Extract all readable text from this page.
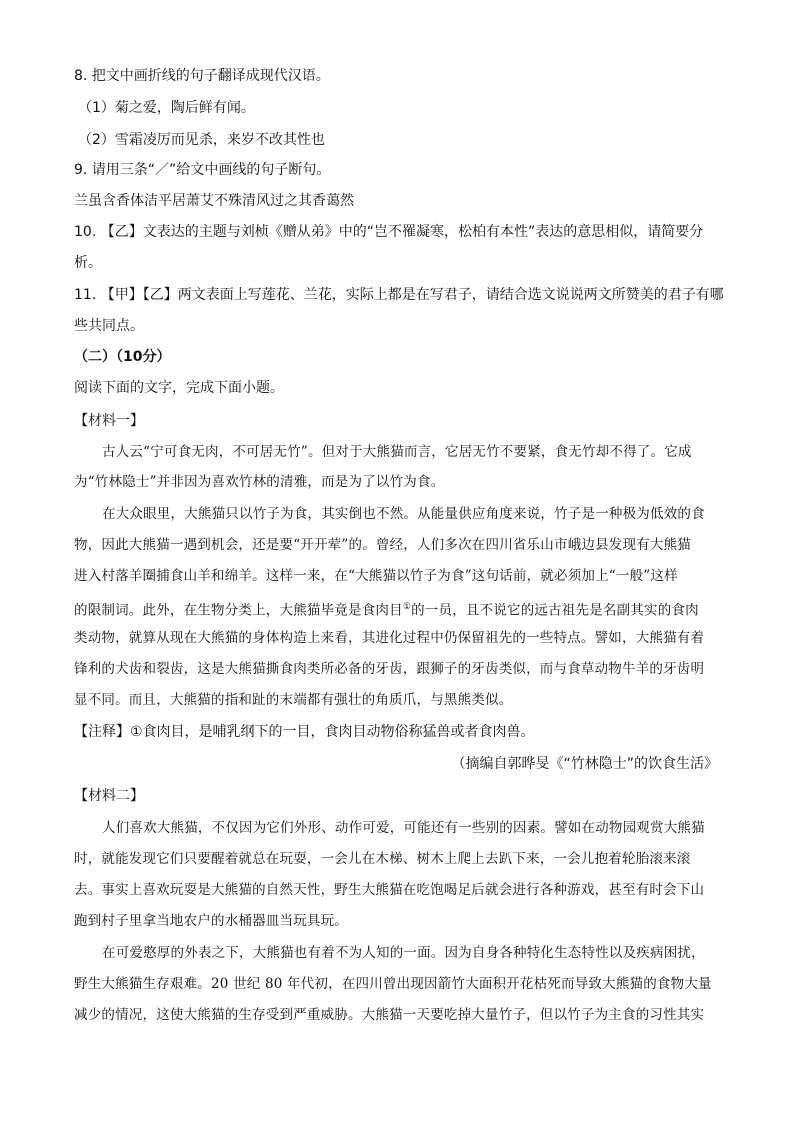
8. 把文中画折线的句子翻译成现代汉语。
（1）菊之爱，陶后鲜有闻。
（2）雪霜凌厉而见杀，来岁不改其性也
9. 请用三条“／”给文中画线的句子断句。
兰虽含香体洁平居萧艾不殊清风过之其香蔼然
10. 【乙】文表达的主题与刘桢《赠从弟》中的“岂不罹凝寒，松柏有本性”表达的意思相似，请简要分
析。
11. 【甲】【乙】两文表面上写莲花、兰花，实际上都是在写君子，请结合选文说说两文所赞美的君子有哪
些共同点。
（二）（10分）
阅读下面的文字，完成下面小题。
【材料一】
古人云“宁可食无肉，不可居无竹”。但对于大熊猫而言，它居无竹不要紧，食无竹却不得了。它成
为“竹林隐士”并非因为喜欢竹林的清雅，而是为了以竹为食。
在大众眼里，大熊猫只以竹子为食，其实倒也不然。从能量供应角度来说，竹子是一种极为低效的食
物，因此大熊猫一遇到机会，还是要“开开荤”的。曾经，人们多次在四川省乐山市峨边县发现有大熊猫
进入村落羊圈捕食山羊和绵羊。这样一来，在“大熊猫以竹子为食”这句话前，就必须加上“一般”这样
的限制词。此外，在生物分类上，大熊猫毕竟是食肉目①的一员，且不说它的远古祖先是名副其实的食肉
类动物，就算从现在大熊猫的身体构造上来看，其进化过程中仍保留祖先的一些特点。譬如，大熊猫有着
锋利的犬齿和裂齿，这是大熊猫撕食肉类所必备的牙齿，跟狮子的牙齿类似，而与食草动物牛羊的牙齿明
显不同。而且，大熊猫的指和趾的末端都有强壮的角质爪，与黑熊类似。
【注释】①食肉目，是哺乳纲下的一目，食肉目动物俗称猛兽或者食肉兽。
（摘编自郭晔旻《“竹林隐士”的饮食生活》
【材料二】
人们喜欢大熊猫，不仅因为它们外形、动作可爱，可能还有一些别的因素。譬如在动物园观赏大熊猫
时，就能发现它们只要醒着就总在玩耍，一会儿在木梯、树木上爬上去趴下来，一会儿抱着轮胎滚来滚
去。事实上喜欢玩耍是大熊猫的自然天性，野生大熊猫在吃饱喝足后就会进行各种游戏，甚至有时会下山
跑到村子里拿当地农户的水桶器皿当玩具玩。
在可爱憨厚的外表之下，大熊猫也有着不为人知的一面。因为自身各种特化生态特性以及疾病困扰，
野生大熊猫生存艰难。20 世纪 80 年代初，在四川曾出现因箭竹大面积开花枯死而导致大熊猫的食物大量
减少的情况，这使大熊猫的生存受到严重威胁。大熊猫一天要吃掉大量竹子，但以竹子为主食的习性其实
